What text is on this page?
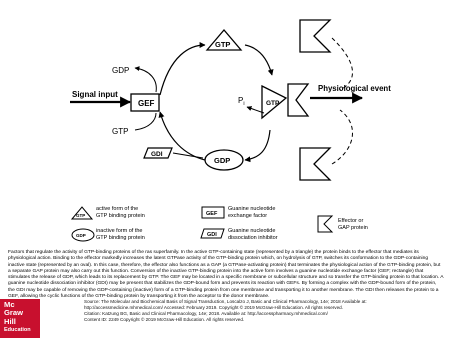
Signal input
GEF
GDP
GTP
GTP
GTP
$P_i$
Physiological event
GDP
GDI
GTP
active form of the
GTP binding protein
GDP
inactive form of the
GTP binding protein
GEF
Guanine nucleotide
exchange factor
GDI
Guanine nucleotide
dissociation inhibitor
Effector or
GAP protein

Factors that regulate the activity of GTP-binding proteins of the ras superfamily. In the active GTP-containing state (represented by a triangle) the protein binds to the effector that mediates its physiological action. Binding to the effector markedly increases the latent GTPase activity of the GTP-binding protein which, on hydrolysis of GTP, switches its conformation to the GDP-containing inactive state (represented by an oval). In this case, therefore, the effector also functions as a GAP (a GTPase-activating protein) that terminates the physiological action of the GTP-binding protein, but a separate GAP protein may also carry out this function. Conversion of the inactive GTP-binding protein into the active form involves a guanine nucleotide exchange factor (GEF; rectangle) that stimulates the release of GDP, which leads to its replacement by GTP. The GEF may be located in a specific membrane or subcellular structure and so transfer the GTP-binding protein to that location. A guanine nucleotide dissociation inhibitor (GDI) may be present that stabilizes the GDP-bound form and prevents its reaction with GEFs. By forming a complex with the GDP-bound form of the protein, the GDI may be capable of removing the GDP-containing (inactive) form of a GTP-binding protein from one membrane and transporting it to another membrane. The GDI then releases the protein to a GEF, allowing the cyclic functions of the GTP-binding protein by transporting it from the acceptor to the donor membrane.

Source: The Molecular and Biochemical Basis of Signal Transduction, Loscalzo J, Basic and Clinical Pharmacology, 14e; 2018 Available at:
http://accessmedicine.mhmedical.com/ Accessed: February 2019. Copyright © 2019 McGraw-Hill Education. All rights reserved.
Citation: Katzung BG, Basic and Clinical Pharmacology, 14e; 2018. Available at: http://accesspharmacy.mhmedical.com/
Content ID: 2249 Copyright © 2019 McGraw-Hill Education. All rights reserved.
Mc
Graw
Hill
Education
